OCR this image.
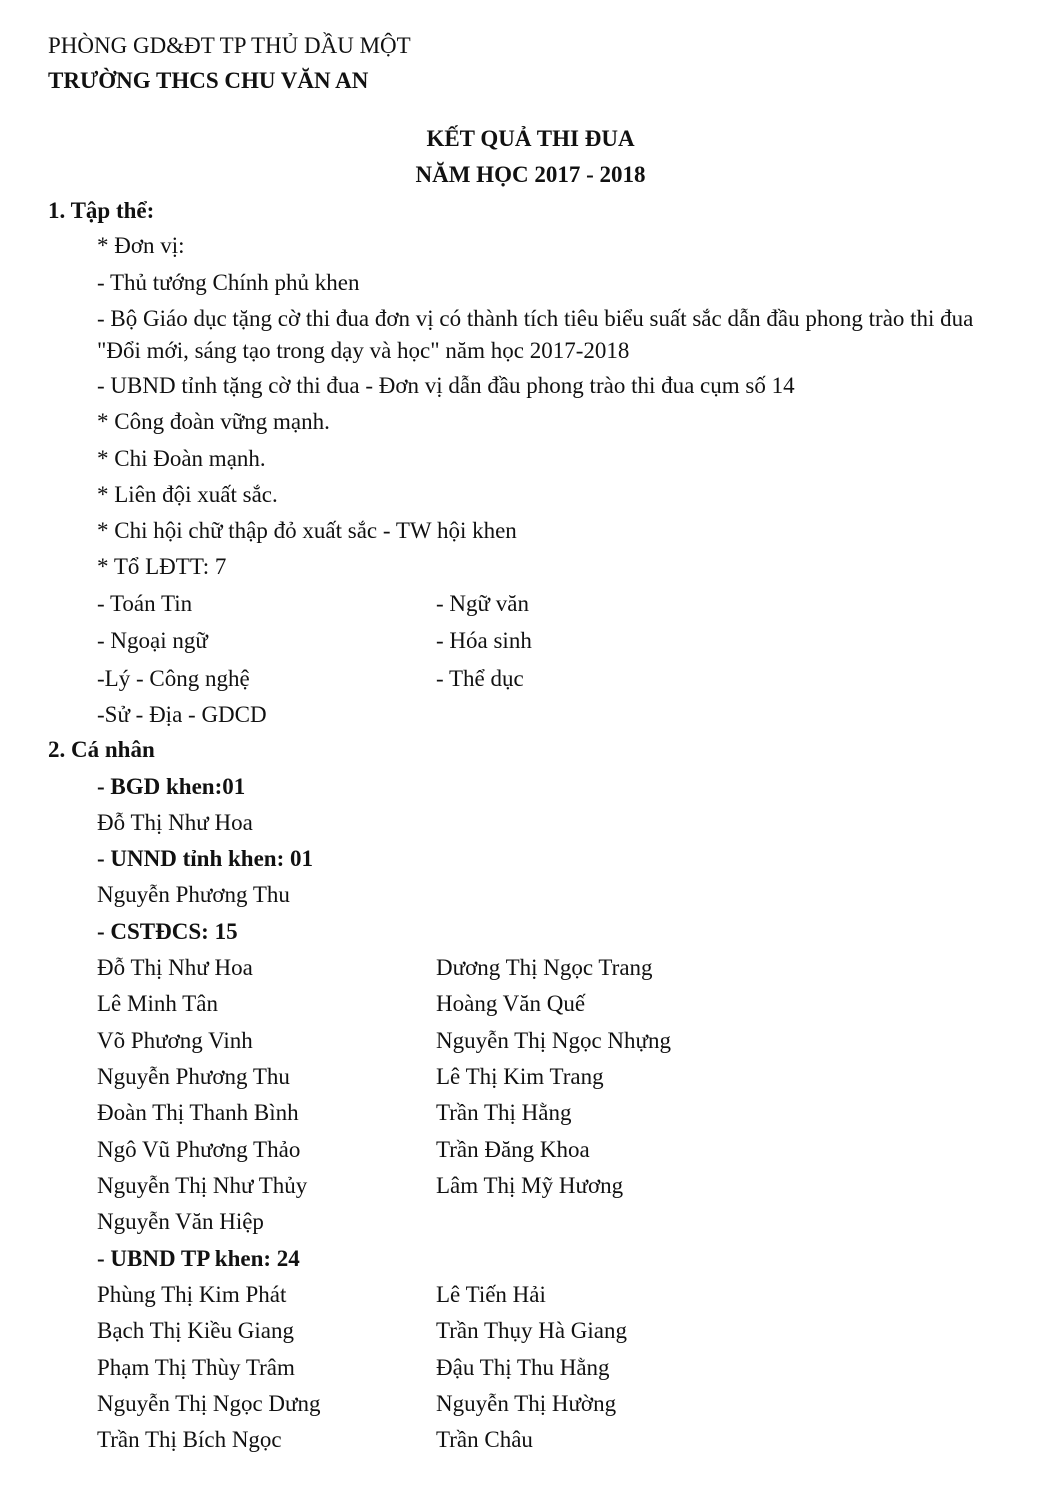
PHÒNG GD&ĐT TP THỦ DẦU MỘT
TRƯỜNG THCS CHU VĂN AN
KẾT QUẢ THI ĐUA
NĂM HỌC 2017 - 2018
1. Tập thể:
* Đơn vị:
- Thủ tướng Chính phủ khen
- Bộ Giáo dục tặng cờ thi đua đơn vị có thành tích tiêu biểu suất sắc dẫn đầu phong trào thi đua "Đổi mới, sáng tạo trong dạy và học" năm học 2017-2018
- UBND tỉnh tặng cờ thi đua - Đơn vị dẫn đầu phong trào thi đua cụm số 14
* Công đoàn vững mạnh.
* Chi Đoàn mạnh.
* Liên đội xuất sắc.
* Chi hội chữ thập đỏ xuất sắc - TW hội khen
* Tổ LĐTT: 7
- Toán Tin	- Ngữ văn
- Ngoại ngữ	- Hóa sinh
-Lý - Công nghệ	- Thể dục
-Sử - Địa - GDCD
2. Cá nhân
- BGD khen:01
Đỗ Thị Như Hoa
- UNND tỉnh khen: 01
Nguyễn Phương Thu
- CSTĐCS: 15
Đỗ Thị Như Hoa	Dương Thị Ngọc Trang
Lê Minh Tân	Hoàng Văn Quế
Võ Phương Vinh	Nguyễn Thị Ngọc Nhựng
Nguyễn Phương Thu	Lê Thị Kim Trang
Đoàn Thị Thanh Bình	Trần Thị Hằng
Ngô Vũ Phương Thảo	Trần Đăng Khoa
Nguyễn Thị Như Thủy	Lâm Thị Mỹ Hương
Nguyễn Văn Hiệp
- UBND TP khen: 24
Phùng Thị Kim Phát	Lê Tiến Hải
Bạch Thị Kiều Giang	Trần Thụy Hà Giang
Phạm Thị Thùy Trâm	Đậu Thị Thu Hằng
Nguyễn Thị Ngọc Dưng	Nguyễn Thị Hường
Trần Thị Bích Ngọc	Trần Châu
